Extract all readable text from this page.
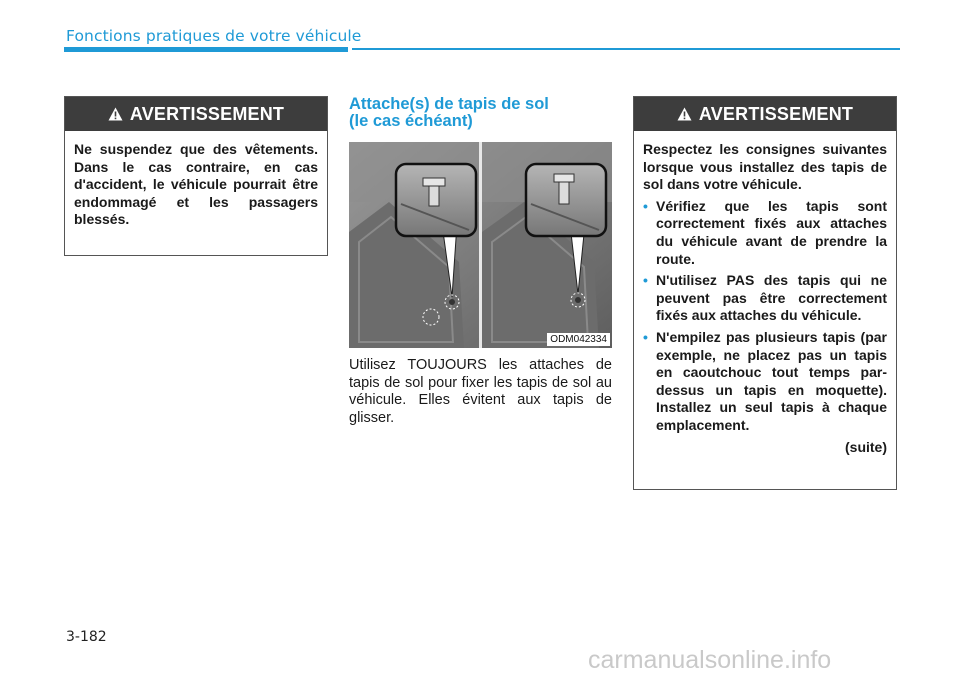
Fonctions pratiques de votre véhicule
AVERTISSEMENT

Ne suspendez que des vêtements. Dans le cas contraire, en cas d'accident, le véhicule pourrait être endommagé et les passagers blessés.

Attache(s) de tapis de sol
(le cas échéant)
ODM042334
Utilisez TOUJOURS les attaches de tapis de sol pour fixer les tapis de sol au véhicule. Elles évitent aux tapis de glisser.
AVERTISSEMENT

Respectez les consignes suivantes lorsque vous installez des tapis de sol dans votre véhicule.

• Vérifiez que les tapis sont correctement fixés aux attaches du véhicule avant de prendre la route.
• N'utilisez PAS des tapis qui ne peuvent pas être correctement fixés aux attaches du véhicule.
• N'empilez pas plusieurs tapis (par exemple, ne placez pas un tapis en caoutchouc tout temps par-dessus un tapis en moquette). Installez un seul tapis à chaque emplacement.
(suite)
3-182
carmanualsonline.info
